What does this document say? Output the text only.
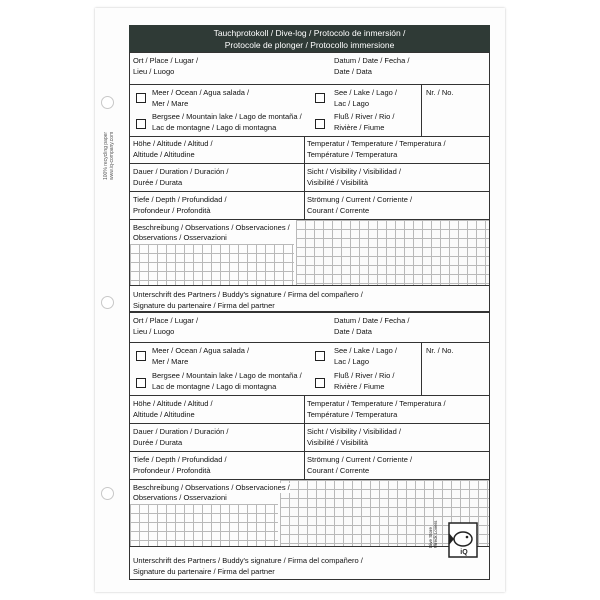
100% recycling paper www.iq-company.com
Tauchprotokoll / Dive-log / Protocolo de inmersión /
Protocole de plonger / Protocollo immersione
Ort / Place / Lugar /
Lieu / Luogo
Datum / Date / Fecha /
Date / Data
Meer / Ocean / Agua salada /
Mer / Mare
See / Lake / Lago /
Lac / Lago
Bergsee / Mountain lake / Lago de montaña /
Lac de montagne / Lago di montagna
Fluß / River / Rio /
Rivière / Fiume
Nr. / No.
Höhe / Altitude / Altitud /
Altitude / Altitudine
Temperatur / Temperature / Temperatura /
Température / Temperatura
Dauer / Duration / Duración /
Durée / Durata
Sicht / Visibility / Visibilidad /
Visibilité / Visibilità
Tiefe / Depth / Profundidad /
Profondeur / Profondità
Strömung / Current / Corriente /
Courant / Corrente
Beschreibung / Observations / Observaciones /
Observations / Osservazioni
Unterschrift des Partners / Buddy's signature / Firma del compañero /
Signature du partenaire / Firma del partner
Ort / Place / Lugar /
Lieu / Luogo
Datum / Date / Fecha /
Date / Data
Meer / Ocean / Agua salada /
Mer / Mare
See / Lake / Lago /
Lac / Lago
Bergsee / Mountain lake / Lago de montaña /
Lac de montagne / Lago di montagna
Fluß / River / Rio /
Rivière / Fiume
Nr. / No.
Höhe / Altitude / Altitud /
Altitude / Altitudine
Temperatur / Temperature / Temperatura /
Température / Temperatura
Dauer / Duration / Duración /
Durée / Durata
Sicht / Visibility / Visibilidad /
Visibilité / Visibilità
Tiefe / Depth / Profundidad /
Profondeur / Profondità
Strömung / Current / Corriente /
Courant / Corrente
Beschreibung / Observations / Observaciones /
Observations / Osservazioni
Unterschrift des Partners / Buddy's signature / Firma del compañero /
Signature du partenaire / Firma del partner
iQ
Dive Store Wreck Lovers
